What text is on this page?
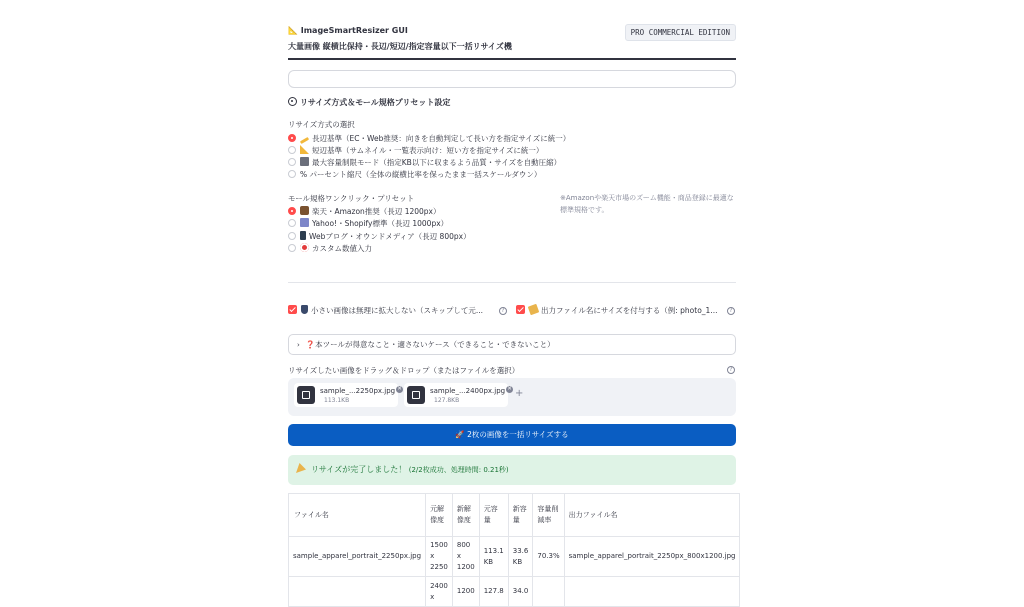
📐 ImageSmartResizer GUI
大量画像 縦横比保持・長辺/短辺/指定容量以下一括リサイズ機
PRO COMMERCIAL EDITION
リサイズ方式＆モール規格プリセット設定
リサイズ方式の選択
長辺基準（EC・Web推奨：向きを自動判定して長い方を指定サイズに統一）
短辺基準（サムネイル・一覧表示向け：短い方を指定サイズに統一）
最大容量制限モード（指定KB以下に収まるよう品質・サイズを自動圧縮）
% パーセント縮尺（全体の縦横比率を保ったまま一括スケールダウン）
モール規格ワンクリック・プリセット
楽天・Amazon推奨（長辺 1200px）
Yahoo!・Shopify標準（長辺 1000px）
Webブログ・オウンドメディア（長辺 800px）
カスタム数値入力
※Amazonや楽天市場のズーム機能・商品登録に最適な標準規格です。
小さい画像は無理に拡大しない（スキップして元...	?	出力ファイル名にサイズを付与する（例: photo_1...	?
› ❓本ツールが得意なこと・適さないケース（できること・できないこと）
リサイズしたい画像をドラッグ＆ドロップ（またはファイルを選択）	?
sample_...2250px.jpg
113.1KB
✕	sample_...2400px.jpg
127.8KB
✕ +
🚀 2枚の画像を一括リサイズする
リサイズが完了しました！ (2/2枚成功、処理時間: 0.21秒)
ファイル名	元解像度	新解像度	元容量	新容量	容量削減率	出力ファイル名
sample_apparel_portrait_2250px.jpg	1500 x 2250	800 x 1200	113.1 KB	33.6 KB	70.3%	sample_apparel_portrait_2250px_800x1200.jpg
	2400 x	1200	127.8	34.0		
